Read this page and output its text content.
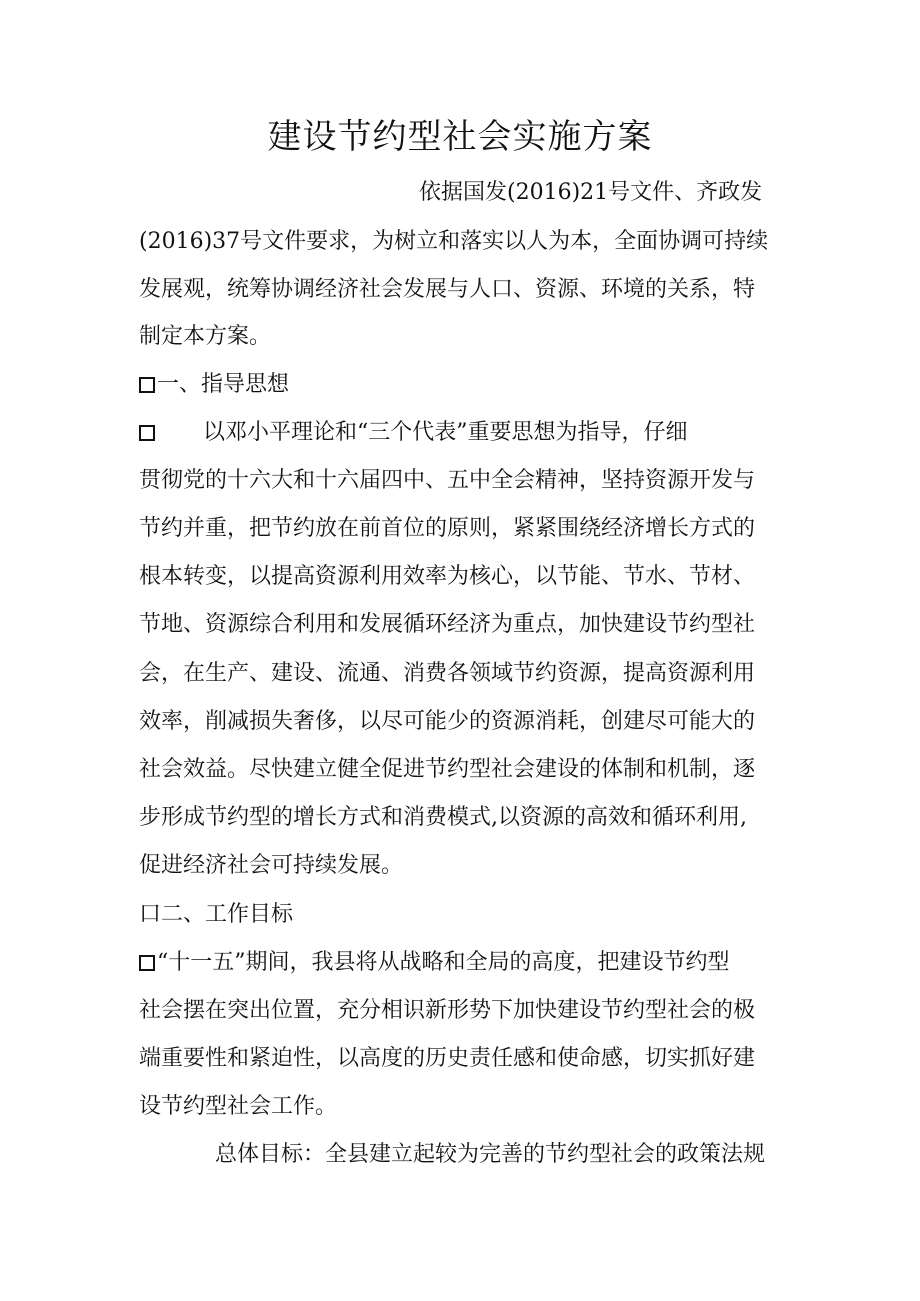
建设节约型社会实施方案
依据国发(2016)21号文件、齐政发
(2016)37号文件要求，为树立和落实以人为本，全面协调可持续
发展观，统筹协调经济社会发展与人口、资源、环境的关系，特
制定本方案。
一、指导思想
以邓小平理论和“三个代表”重要思想为指导，仔细
贯彻党的十六大和十六届四中、五中全会精神，坚持资源开发与
节约并重，把节约放在前首位的原则，紧紧围绕经济增长方式的
根本转变，以提高资源利用效率为核心，以节能、节水、节材、
节地、资源综合利用和发展循环经济为重点，加快建设节约型社
会，在生产、建设、流通、消费各领域节约资源，提高资源利用
效率，削减损失奢侈，以尽可能少的资源消耗，创建尽可能大的
社会效益。尽快建立健全促进节约型社会建设的体制和机制，逐
步形成节约型的增长方式和消费模式,以资源的高效和循环利用,
促进经济社会可持续发展。
口二、工作目标
“十一五”期间，我县将从战略和全局的高度，把建设节约型
社会摆在突出位置，充分相识新形势下加快建设节约型社会的极
端重要性和紧迫性，以高度的历史责任感和使命感，切实抓好建
设节约型社会工作。
总体目标：全县建立起较为完善的节约型社会的政策法规
